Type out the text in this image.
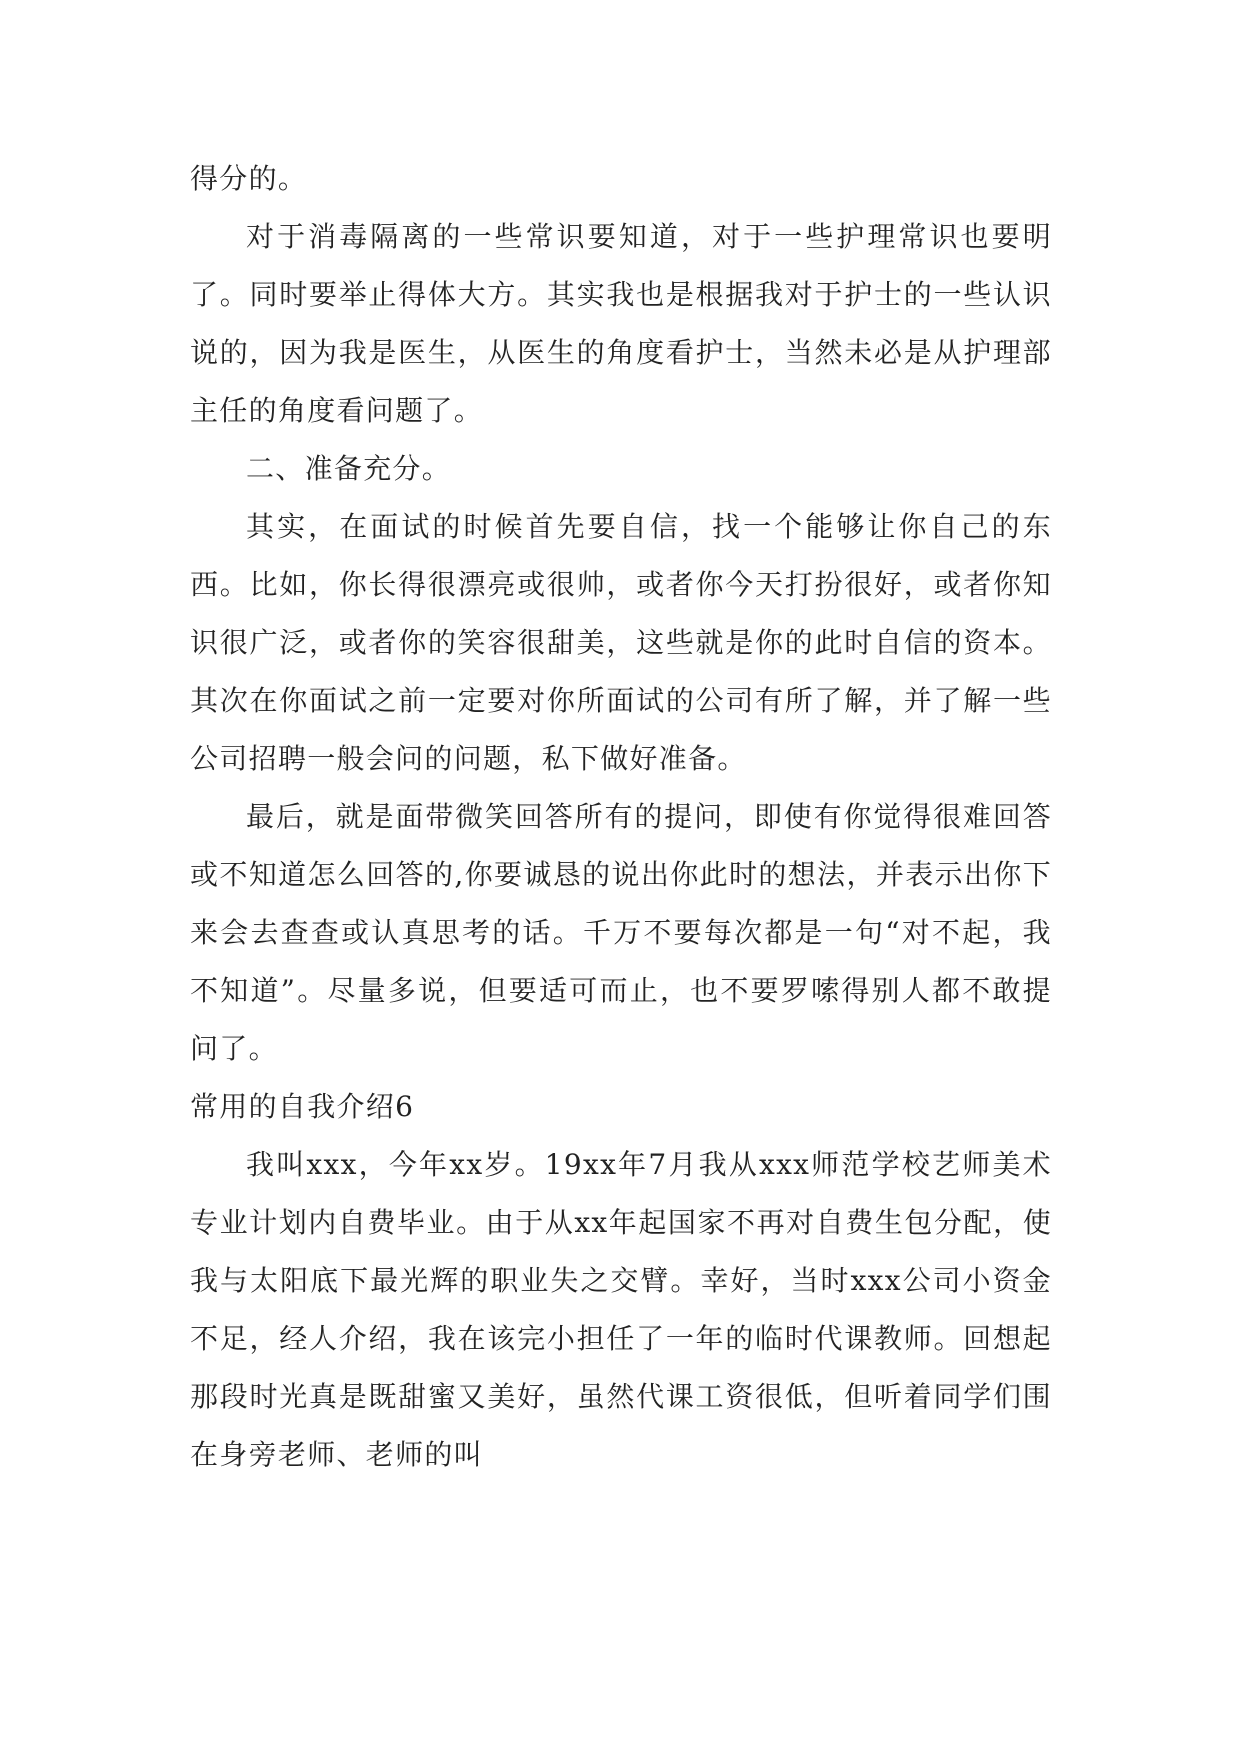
得分的。

对于消毒隔离的一些常识要知道，对于一些护理常识也要明了。同时要举止得体大方。其实我也是根据我对于护士的一些认识说的，因为我是医生，从医生的角度看护士，当然未必是从护理部主任的角度看问题了。

二、准备充分。

其实，在面试的时候首先要自信，找一个能够让你自己的东西。比如，你长得很漂亮或很帅，或者你今天打扮很好，或者你知识很广泛，或者你的笑容很甜美，这些就是你的此时自信的资本。其次在你面试之前一定要对你所面试的公司有所了解，并了解一些公司招聘一般会问的问题，私下做好准备。

最后，就是面带微笑回答所有的提问，即使有你觉得很难回答或不知道怎么回答的,你要诚恳的说出你此时的想法，并表示出你下来会去查查或认真思考的话。千万不要每次都是一句“对不起，我不知道”。尽量多说，但要适可而止，也不要罗嗦得别人都不敢提问了。

常用的自我介绍6

我叫xxx，今年xx岁。19xx年7月我从xxx师范学校艺师美术专业计划内自费毕业。由于从xx年起国家不再对自费生包分配，使我与太阳底下最光辉的职业失之交臂。幸好，当时xxx公司小资金不足，经人介绍，我在该完小担任了一年的临时代课教师。回想起那段时光真是既甜蜜又美好，虽然代课工资很低，但听着同学们围在身旁老师、老师的叫
